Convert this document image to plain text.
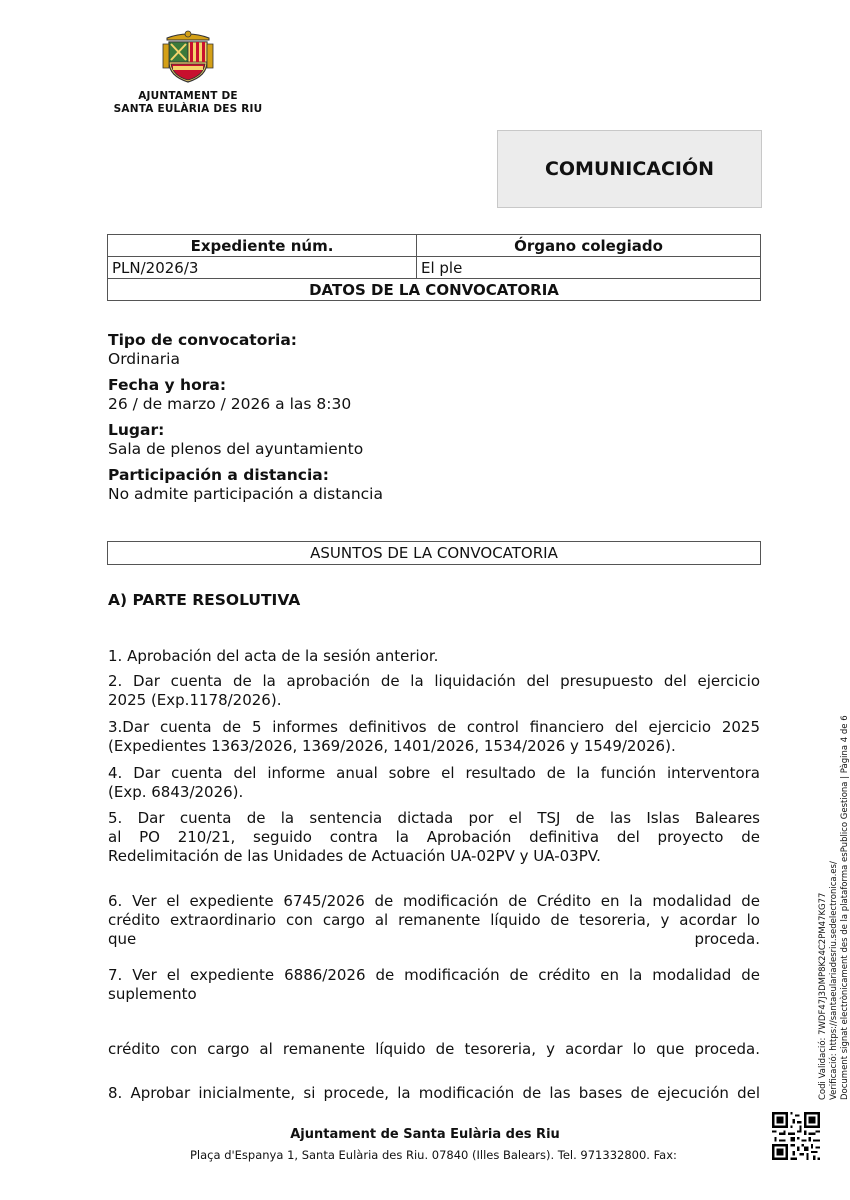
AJUNTAMENT DE
SANTA EULÀRIA DES RIU
COMUNICACIÓN
Expediente núm.	Órgano colegiado
PLN/2026/3	El ple
DATOS DE LA CONVOCATORIA	
Tipo de convocatoria:
Ordinaria
Fecha y hora:
26 / de marzo / 2026 a las 8:30
Lugar:
Sala de plenos del ayuntamiento
Participación a distancia:
No admite participación a distancia
ASUNTOS DE LA CONVOCATORIA
A) PARTE RESOLUTIVA
1. Aprobación del acta de la sesión anterior.
2. Dar cuenta de la aprobación de la liquidación del presupuesto del ejercicio
2025 (Exp.1178/2026).
3.Dar cuenta de 5 informes definitivos de control financiero del ejercicio 2025
(Expedientes 1363/2026, 1369/2026, 1401/2026, 1534/2026 y 1549/2026).
4. Dar cuenta del informe anual sobre el resultado de la función interventora
(Exp. 6843/2026).
5. Dar cuenta de la sentencia dictada por el TSJ de las Islas Baleares
al PO 210/21, seguido contra la Aprobación definitiva del proyecto de
Redelimitación de las Unidades de Actuación UA-02PV y UA-03PV.
6. Ver el expediente 6745/2026 de modificación de Crédito en la modalidad de
crédito extraordinario con cargo al remanente líquido de tesoreria, y acordar lo
que proceda.
7. Ver el expediente 6886/2026 de modificación de crédito en la modalidad de
suplemento
crédito con cargo al remanente líquido de tesoreria, y acordar lo que proceda.
8. Aprobar inicialmente, si procede, la modificación de las bases de ejecución del
Ajuntament de Santa Eulària des Riu
Plaça d'Espanya 1, Santa Eulària des Riu. 07840 (Illes Balears). Tel. 971332800. Fax:
Codi Validació: 7WDF47J3DMP8K24C2PM47KG77 Verificació: https://santaeulariadesriu.sedelectronica.es/ Document signat electrònicament des de la plataforma esPublico Gestiona | Pàgina 4 de 6
